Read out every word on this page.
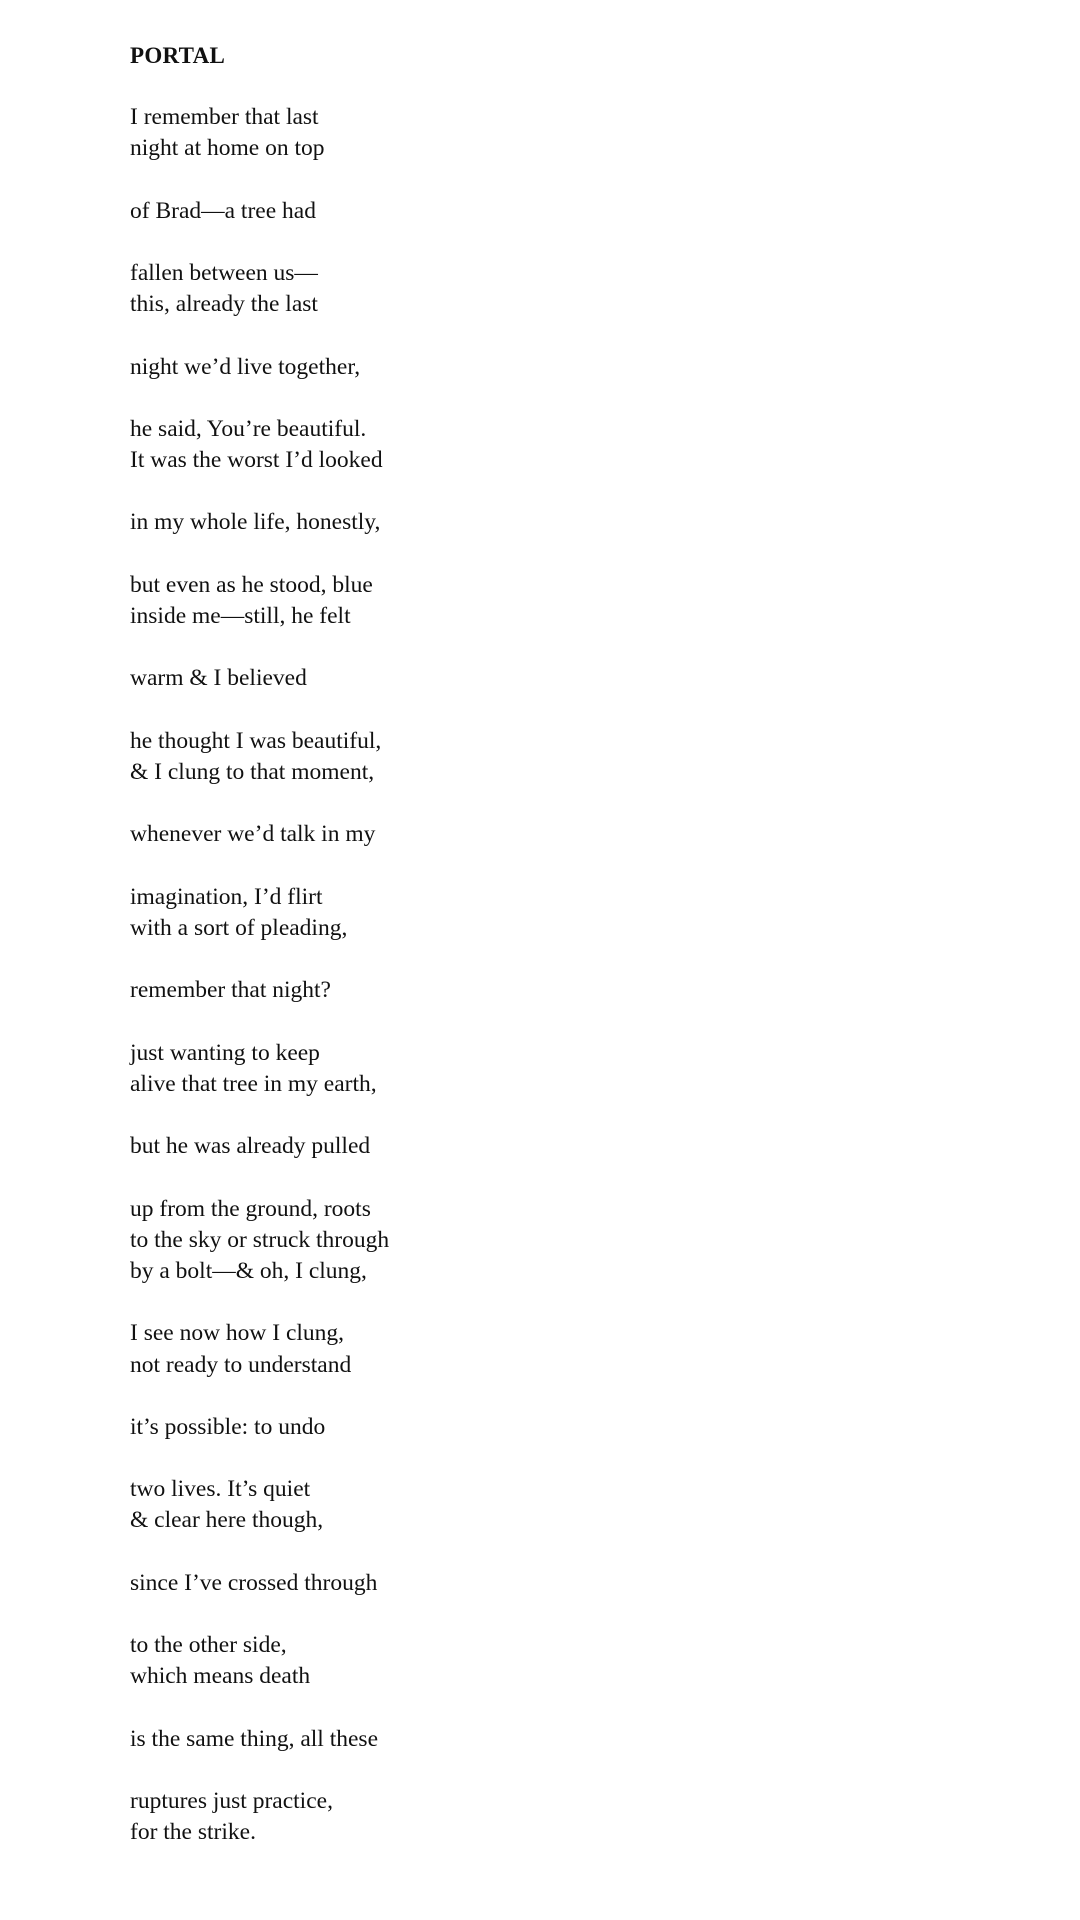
PORTAL

I remember that last

night at home on top

of Brad—a tree had

fallen between us—

this, already the last

night we’d live together,

he said, You’re beautiful.

It was the worst I’d looked

in my whole life, honestly,

but even as he stood, blue

inside me—still, he felt

warm & I believed

he thought I was beautiful,

& I clung to that moment,

whenever we’d talk in my

imagination, I’d flirt

with a sort of pleading,

remember that night?

just wanting to keep

alive that tree in my earth,

but he was already pulled

up from the ground, roots

to the sky or struck through

by a bolt—& oh, I clung,

I see now how I clung,

not ready to understand

it’s possible: to undo

two lives. It’s quiet

& clear here though,

since I’ve crossed through

to the other side,

which means death

is the same thing, all these

ruptures just practice,

for the strike.
